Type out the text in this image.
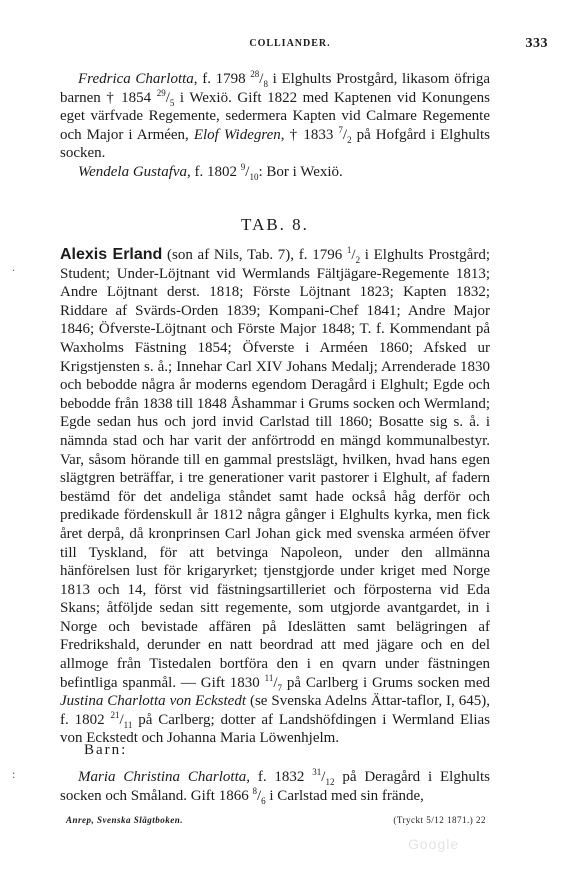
COLLIANDER.	333

Fredrica Charlotta, f. 1798 $^{28}/_8$ i Elghults Prostgård, likasom öfriga barnen † 1854 $^{29}/_5$ i Wexiö. Gift 1822 med Kaptenen vid Konungens eget värfvade Regemente, sedermera Kapten vid Calmare Regemente och Major i Arméen, Elof Widegren, † 1833 $^7/_2$ på Hofgård i Elghults socken.

Wendela Gustafva, f. 1802 $^9/_{10}$: Bor i Wexiö.

TAB. 8.
.

Alexis Erland (son af Nils, Tab. 7), f. 1796 $^1/_2$ i Elghults Prostgård; Student; Under-Löjtnant vid Wermlands Fältjägare-Regemente 1813; Andre Löjtnant derst. 1818; Förste Löjtnant 1823; Kapten 1832; Riddare af Svärds-Orden 1839; Kompani-Chef 1841; Andre Major 1846; Öfverste-Löjtnant och Förste Major 1848; T. f. Kommendant på Waxholms Fästning 1854; Öfverste i Arméen 1860; Afsked ur Krigstjensten s. å.; Innehar Carl XIV Johans Medalj; Arrenderade 1830 och bebodde några år moderns egendom Deragård i Elghult; Egde och bebodde från 1838 till 1848 Åshammar i Grums socken och Wermland; Egde sedan hus och jord invid Carlstad till 1860; Bosatte sig s. å. i nämnda stad och har varit der anförtrodd en mängd kommunalbestyr. Var, såsom hörande till en gammal prestslägt, hvilken, hvad hans egen slägtgren beträffar, i tre generationer varit pastorer i Elghult, af fadern bestämd för det andeliga ståndet samt hade också håg derför och predikade fördenskull år 1812 några gånger i Elghults kyrka, men fick året derpå, då kronprinsen Carl Johan gick med svenska arméen öfver till Tyskland, för att betvinga Napoleon, under den allmänna hänförelsen lust för krigaryrket; tjenstgjorde under kriget med Norge 1813 och 14, först vid fästningsartilleriet och förposterna vid Eda Skans; åtföljde sedan sitt regemente, som utgjorde avantgardet, in i Norge och bevistade affären på Ideslätten samt belägringen af Fredrikshald, derunder en natt beordrad att med jägare och en del allmoge från Tistedalen bortföra den i en qvarn under fästningen befintliga spanmål. — Gift 1830 $^{11}/_7$ på Carlberg i Grums socken med Justina Charlotta von Eckstedt (se Svenska Adelns Ättar-taflor, I, 645), f. 1802 $^{21}/_{11}$ på Carlberg; dotter af Landshöfdingen i Wermland Elias von Eckstedt och Johanna Maria Löwenhjelm.

Barn:
:	Maria Christina Charlotta, f. 1832 $^{31}/_{12}$ på Deragård i Elghults socken och Småland. Gift 1866 $^8/_6$ i Carlstad med sin frände,

Anrep, Svenska Slägtboken.	(Tryckt 5/12 1871.) 22
Google
